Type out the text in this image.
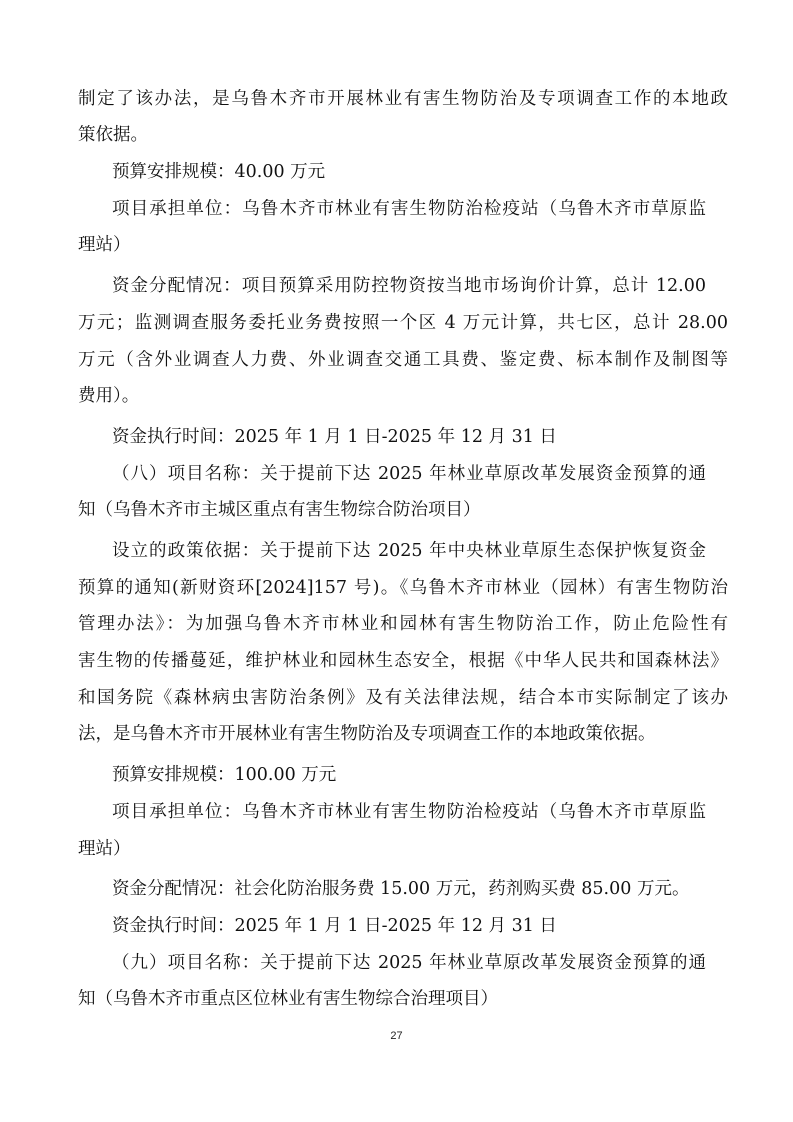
制定了该办法，是乌鲁木齐市开展林业有害生物防治及专项调查工作的本地政
策依据。
预算安排规模：40.00 万元
项目承担单位：乌鲁木齐市林业有害生物防治检疫站（乌鲁木齐市草原监
理站）
资金分配情况：项目预算采用防控物资按当地市场询价计算，总计 12.00
万元；监测调查服务委托业务费按照一个区 4 万元计算，共七区，总计 28.00
万元（含外业调查人力费、外业调查交通工具费、鉴定费、标本制作及制图等
费用）。
资金执行时间：2025 年 1 月 1 日-2025 年 12 月 31 日
（八）项目名称：关于提前下达 2025 年林业草原改革发展资金预算的通
知（乌鲁木齐市主城区重点有害生物综合防治项目）
设立的政策依据：关于提前下达 2025 年中央林业草原生态保护恢复资金
预算的通知(新财资环[2024]157 号)。《乌鲁木齐市林业（园林）有害生物防治
管理办法》：为加强乌鲁木齐市林业和园林有害生物防治工作，防止危险性有
害生物的传播蔓延，维护林业和园林生态安全，根据《中华人民共和国森林法》
和国务院《森林病虫害防治条例》及有关法律法规，结合本市实际制定了该办
法，是乌鲁木齐市开展林业有害生物防治及专项调查工作的本地政策依据。
预算安排规模：100.00 万元
项目承担单位：乌鲁木齐市林业有害生物防治检疫站（乌鲁木齐市草原监
理站）
资金分配情况：社会化防治服务费 15.00 万元，药剂购买费 85.00 万元。
资金执行时间：2025 年 1 月 1 日-2025 年 12 月 31 日
（九）项目名称：关于提前下达 2025 年林业草原改革发展资金预算的通
知（乌鲁木齐市重点区位林业有害生物综合治理项目）
27
